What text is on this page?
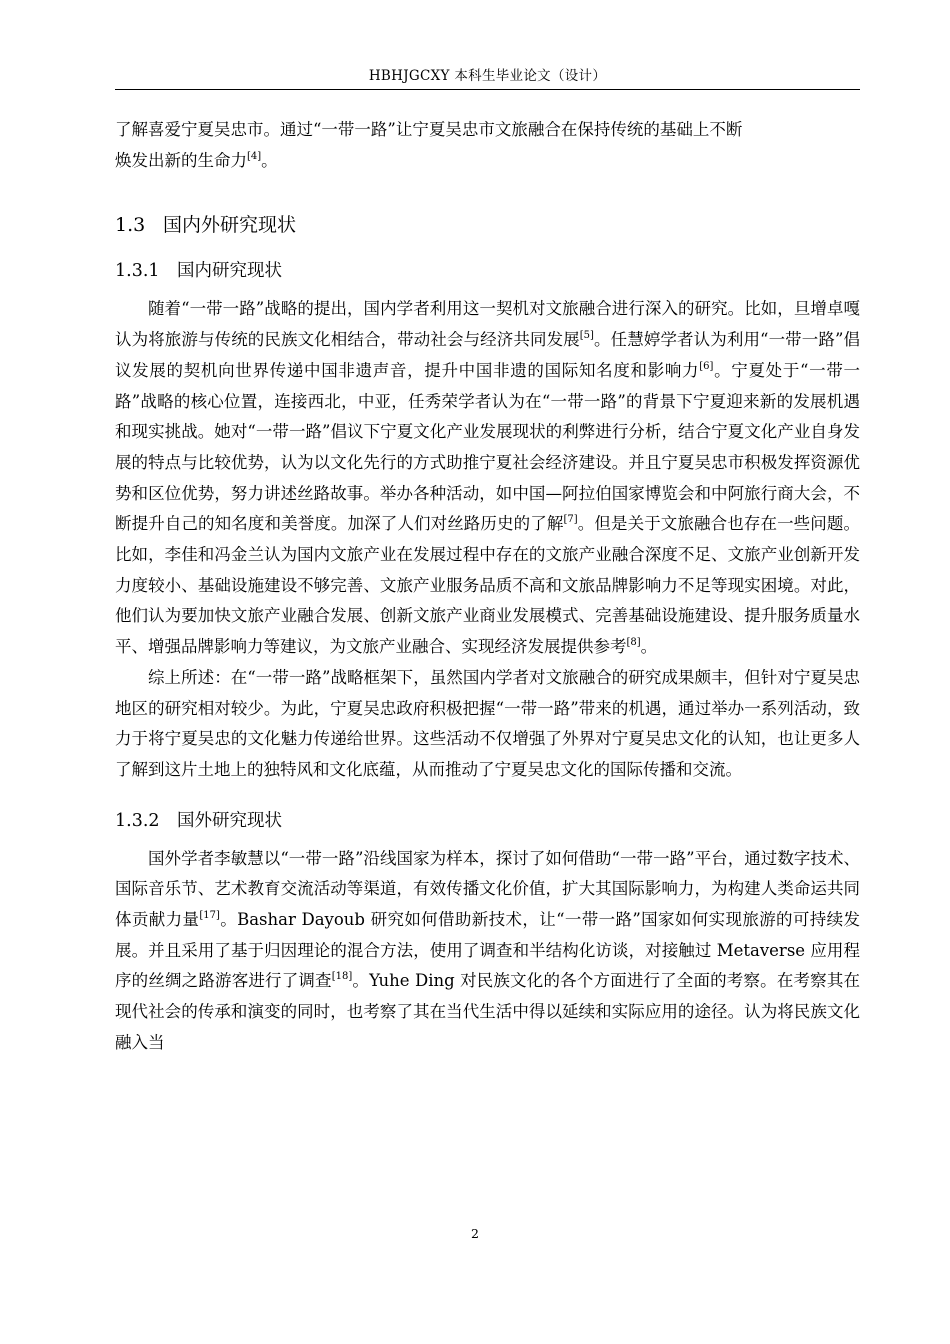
HBHJGCXY 本科生毕业论文（设计）

了解喜爱宁夏吴忠市。通过“一带一路”让宁夏吴忠市文旅融合在保持传统的基础上不断
焕发出新的生命力[4]。

1.3 国内外研究现状
1.3.1 国内研究现状

随着“一带一路”战略的提出，国内学者利用这一契机对文旅融合进行深入的研究。比如，旦增卓嘎认为将旅游与传统的民族文化相结合，带动社会与经济共同发展[5]。任慧婷学者认为利用“一带一路”倡议发展的契机向世界传递中国非遗声音，提升中国非遗的国际知名度和影响力[6]。宁夏处于“一带一路”战略的核心位置，连接西北，中亚，任秀荣学者认为在“一带一路”的背景下宁夏迎来新的发展机遇和现实挑战。她对“一带一路”倡议下宁夏文化产业发展现状的利弊进行分析，结合宁夏文化产业自身发展的特点与比较优势，认为以文化先行的方式助推宁夏社会经济建设。并且宁夏吴忠市积极发挥资源优势和区位优势，努力讲述丝路故事。举办各种活动，如中国—阿拉伯国家博览会和中阿旅行商大会，不断提升自己的知名度和美誉度。加深了人们对丝路历史的了解[7]。但是关于文旅融合也存在一些问题。比如，李佳和冯金兰认为国内文旅产业在发展过程中存在的文旅产业融合深度不足、文旅产业创新开发力度较小、基础设施建设不够完善、文旅产业服务品质不高和文旅品牌影响力不足等现实困境。对此，他们认为要加快文旅产业融合发展、创新文旅产业商业发展模式、完善基础设施建设、提升服务质量水平、增强品牌影响力等建议，为文旅产业融合、实现经济发展提供参考[8]。

综上所述：在“一带一路”战略框架下，虽然国内学者对文旅融合的研究成果颇丰，但针对宁夏吴忠地区的研究相对较少。为此，宁夏吴忠政府积极把握“一带一路”带来的机遇，通过举办一系列活动，致力于将宁夏吴忠的文化魅力传递给世界。这些活动不仅增强了外界对宁夏吴忠文化的认知，也让更多人了解到这片土地上的独特风和文化底蕴，从而推动了宁夏吴忠文化的国际传播和交流。

1.3.2 国外研究现状

国外学者李敏慧以“一带一路”沿线国家为样本，探讨了如何借助“一带一路”平台，通过数字技术、国际音乐节、艺术教育交流活动等渠道，有效传播文化价值，扩大其国际影响力，为构建人类命运共同体贡献力量[17]。Bashar Dayoub 研究如何借助新技术，让“一带一路”国家如何实现旅游的可持续发展。并且采用了基于归因理论的混合方法，使用了调查和半结构化访谈，对接触过 Metaverse 应用程序的丝绸之路游客进行了调查[18]。Yuhe Ding 对民族文化的各个方面进行了全面的考察。在考察其在现代社会的传承和演变的同时，也考察了其在当代生活中得以延续和实际应用的途径。认为将民族文化融入当

2
